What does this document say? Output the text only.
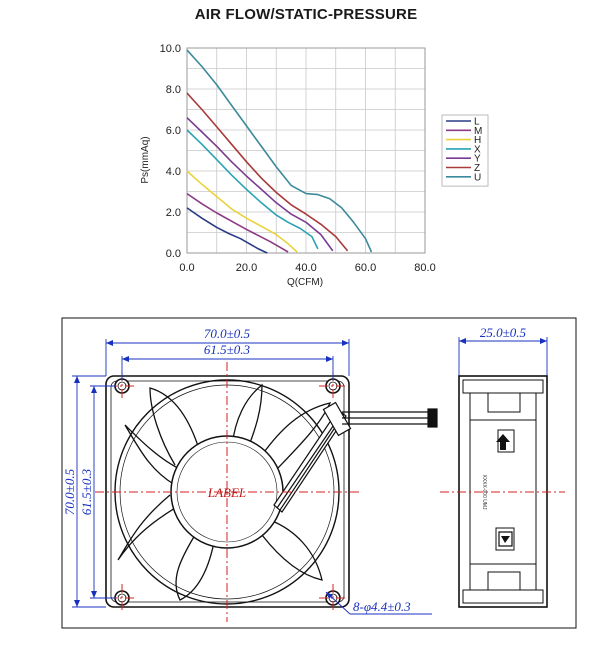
AIR FLOW/STATIC-PRESSURE
0.0	20.0	40.0	60.0	80.0
0.0
2.0
4.0
6.0
8.0
10.0
L
M
H
X
Y
Z
U
Q(CFM)
Ps(mmAq)
LABEL
70.0±0.5
61.5±0.3
70.0±0.5 61.5±0.3
8-φ4.4±0.3
25.0±0.5
XXXX-000 UMJ
